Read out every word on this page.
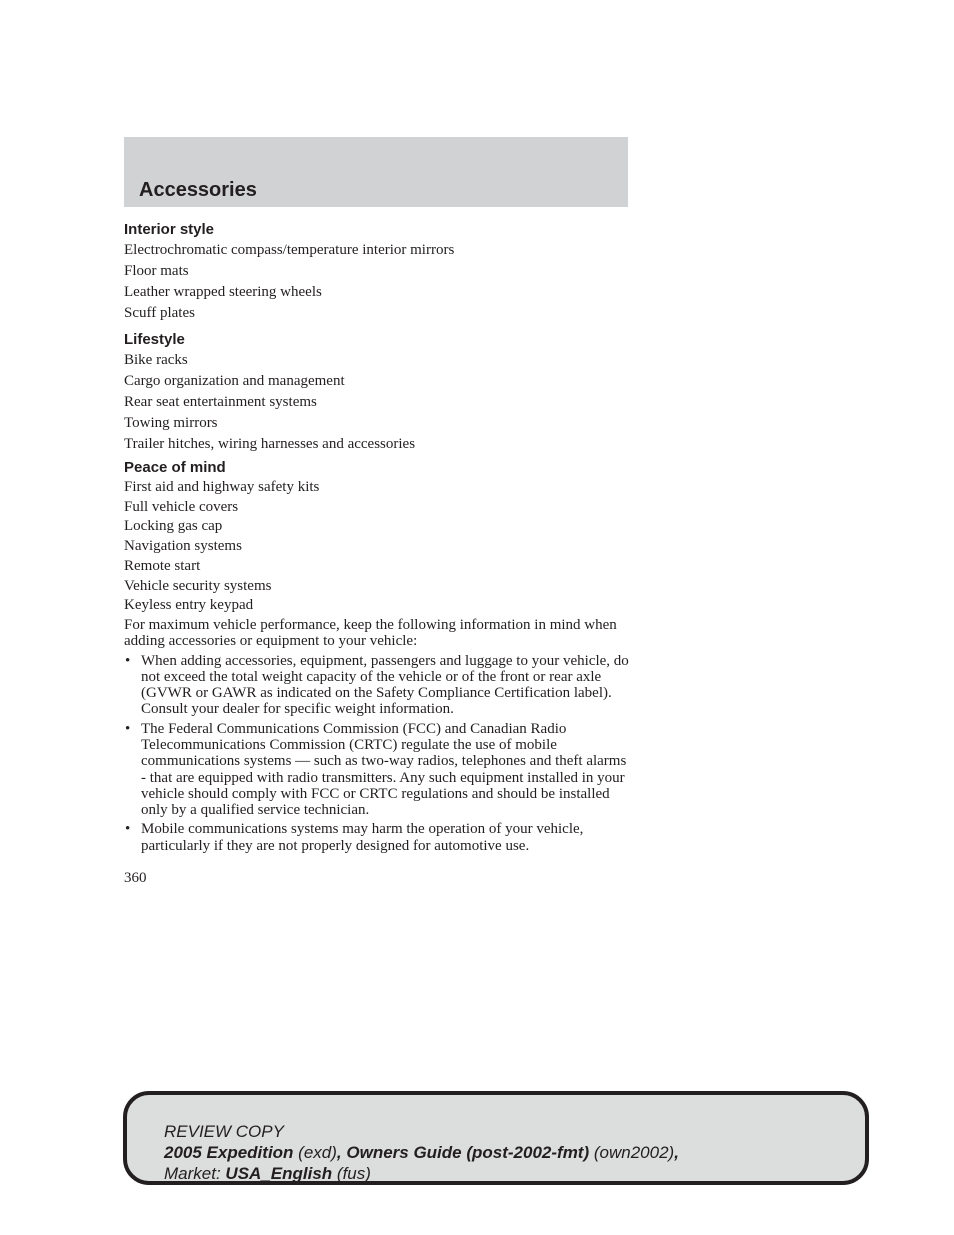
Accessories
Interior style
Electrochromatic compass/temperature interior mirrors
Floor mats
Leather wrapped steering wheels
Scuff plates
Lifestyle
Bike racks
Cargo organization and management
Rear seat entertainment systems
Towing mirrors
Trailer hitches, wiring harnesses and accessories
Peace of mind
First aid and highway safety kits
Full vehicle covers
Locking gas cap
Navigation systems
Remote start
Vehicle security systems
Keyless entry keypad

For maximum vehicle performance, keep the following information in mind when adding accessories or equipment to your vehicle:

• When adding accessories, equipment, passengers and luggage to your vehicle, do not exceed the total weight capacity of the vehicle or of the front or rear axle (GVWR or GAWR as indicated on the Safety Compliance Certification label). Consult your dealer for specific weight information.
• The Federal Communications Commission (FCC) and Canadian Radio Telecommunications Commission (CRTC) regulate the use of mobile communications systems — such as two-way radios, telephones and theft alarms - that are equipped with radio transmitters. Any such equipment installed in your vehicle should comply with FCC or CRTC regulations and should be installed only by a qualified service technician.
• Mobile communications systems may harm the operation of your vehicle, particularly if they are not properly designed for automotive use.
360
REVIEW COPY
2005 Expedition (exd), Owners Guide (post-2002-fmt) (own2002),
Market: USA_English (fus)
